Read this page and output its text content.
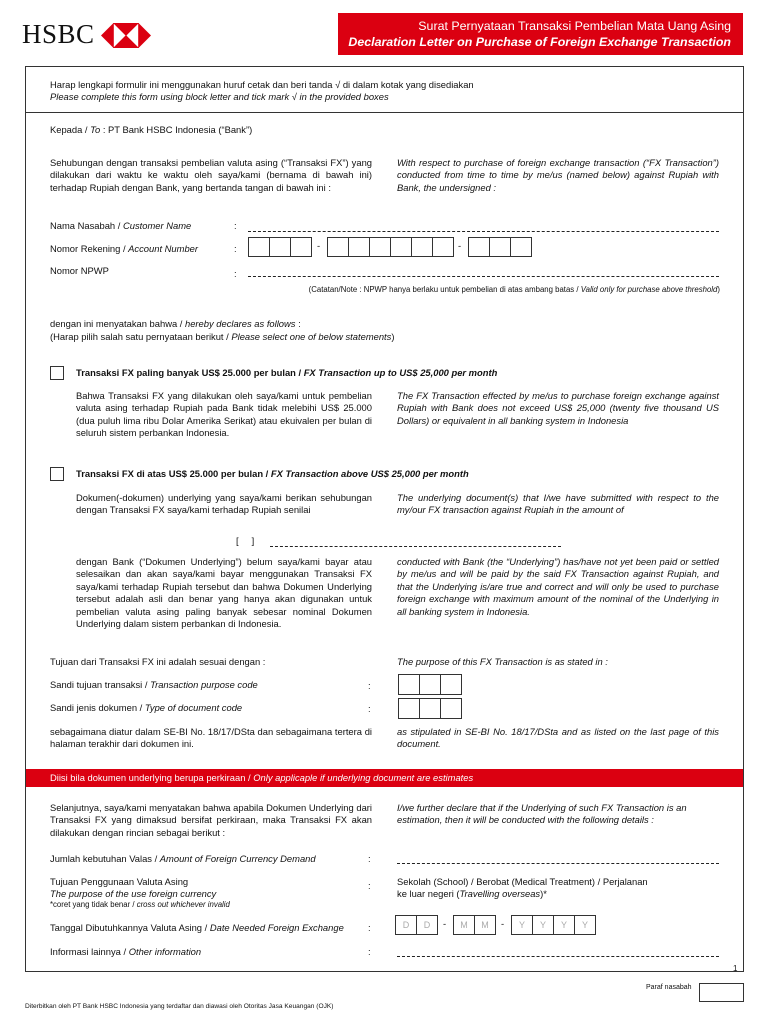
HSBC	Surat Pernyataan Transaksi Pembelian Mata Uang Asing
Declaration Letter on Purchase of Foreign Exchange Transaction
Harap lengkapi formulir ini menggunakan huruf cetak dan beri tanda √ di dalam kotak yang disediakan
Please complete this form using block letter and tick mark √ in the provided boxes
Kepada / To : PT Bank HSBC Indonesia (“Bank”)
Sehubungan dengan transaksi pembelian valuta asing (“Transaksi FX”) yang dilakukan dari waktu ke waktu oleh saya/kami (bernama di bawah ini) terhadap Rupiah dengan Bank, yang bertanda tangan di bawah ini :
With respect to purchase of foreign exchange transaction (“FX Transaction”) conducted from time to time by me/us (named below) against Rupiah with Bank, the undersigned :
Nama Nasabah / Customer Name	:
Nomor Rekening / Account Number	:	-	-
Nomor NPWP	:
(Catatan/Note : NPWP hanya berlaku untuk pembelian di atas ambang batas / Valid only for purchase above threshold)
dengan ini menyatakan bahwa / hereby declares as follows :
(Harap pilih salah satu pernyataan berikut / Please select one of below statements)
Transaksi FX paling banyak US$ 25.000 per bulan / FX Transaction up to US$ 25,000 per month
Bahwa Transaksi FX yang dilakukan oleh saya/kami untuk pembelian valuta asing terhadap Rupiah pada Bank tidak melebihi US$ 25.000 (dua puluh lima ribu Dolar Amerika Serikat) atau ekuivalen per bulan di seluruh sistem perbankan Indonesia.
The FX Transaction effected by me/us to purchase foreign exchange against Rupiah with Bank does not exceed US$ 25,000 (twenty five thousand US Dollars) or equivalent in all banking system in Indonesia
Transaksi FX di atas US$ 25.000 per bulan / FX Transaction above US$ 25,000 per month
Dokumen(-dokumen) underlying yang saya/kami berikan sehubungan dengan Transaksi FX saya/kami terhadap Rupiah senilai
The underlying document(s) that I/we have submitted with respect to the my/our FX transaction against Rupiah in the amount of
[     ]
dengan Bank (“Dokumen Underlying”) belum saya/kami bayar atau selesaikan dan akan saya/kami bayar menggunakan Transaksi FX saya/kami terhadap Rupiah tersebut dan bahwa Dokumen Underlying tersebut adalah asli dan benar yang hanya akan digunakan untuk pembelian valuta asing paling banyak sebesar nominal Dokumen Underlying dalam sistem perbankan di Indonesia.
conducted with Bank (the “Underlying”) has/have not yet been paid or settled by me/us and will be paid by the said FX Transaction against Rupiah, and that the Underlying is/are true and correct and will only be used to purchase foreign exchange with maximum amount of the nominal of the Underlying in all banking system in Indonesia.
Tujuan dari Transaksi FX ini adalah sesuai dengan :	The purpose of this FX Transaction is as stated in :
Sandi tujuan transaksi / Transaction purpose code	:
Sandi jenis dokumen / Type of document code	:
sebagaimana diatur dalam SE-BI No. 18/17/DSta dan sebagaimana tertera di halaman terakhir dari dokumen ini.
as stipulated in SE-BI No. 18/17/DSta and as listed on the last page of this document.
Diisi bila dokumen underlying berupa perkiraan / Only applicaple if underlying document are estimates
Selanjutnya, saya/kami menyatakan bahwa apabila Dokumen Underlying dari Transaksi FX yang dimaksud bersifat perkiraan, maka Transaksi FX akan dilakukan dengan rincian sebagai berikut :
I/we further declare that if the Underlying of such FX Transaction is an estimation, then it will be conducted with the following details :
Jumlah kebutuhan Valas / Amount of Foreign Currency Demand	:
Tujuan Penggunaan Valuta Asing
The purpose of the use foreign currency
*coret yang tidak benar / cross out whichever invalid
:	Sekolah (School) / Berobat (Medical Treatment) / Perjalanan
ke luar negeri (Travelling overseas)*
Tanggal Dibutuhkannya Valuta Asing / Date Needed Foreign Exchange	:	D	D	-	M	M	-	Y	Y	Y	Y
Informasi lainnya / Other information	:
1
Paraf nasabah
Diterbitkan oleh PT Bank HSBC Indonesia yang terdaftar dan diawasi oleh Otoritas Jasa Keuangan (OJK)
